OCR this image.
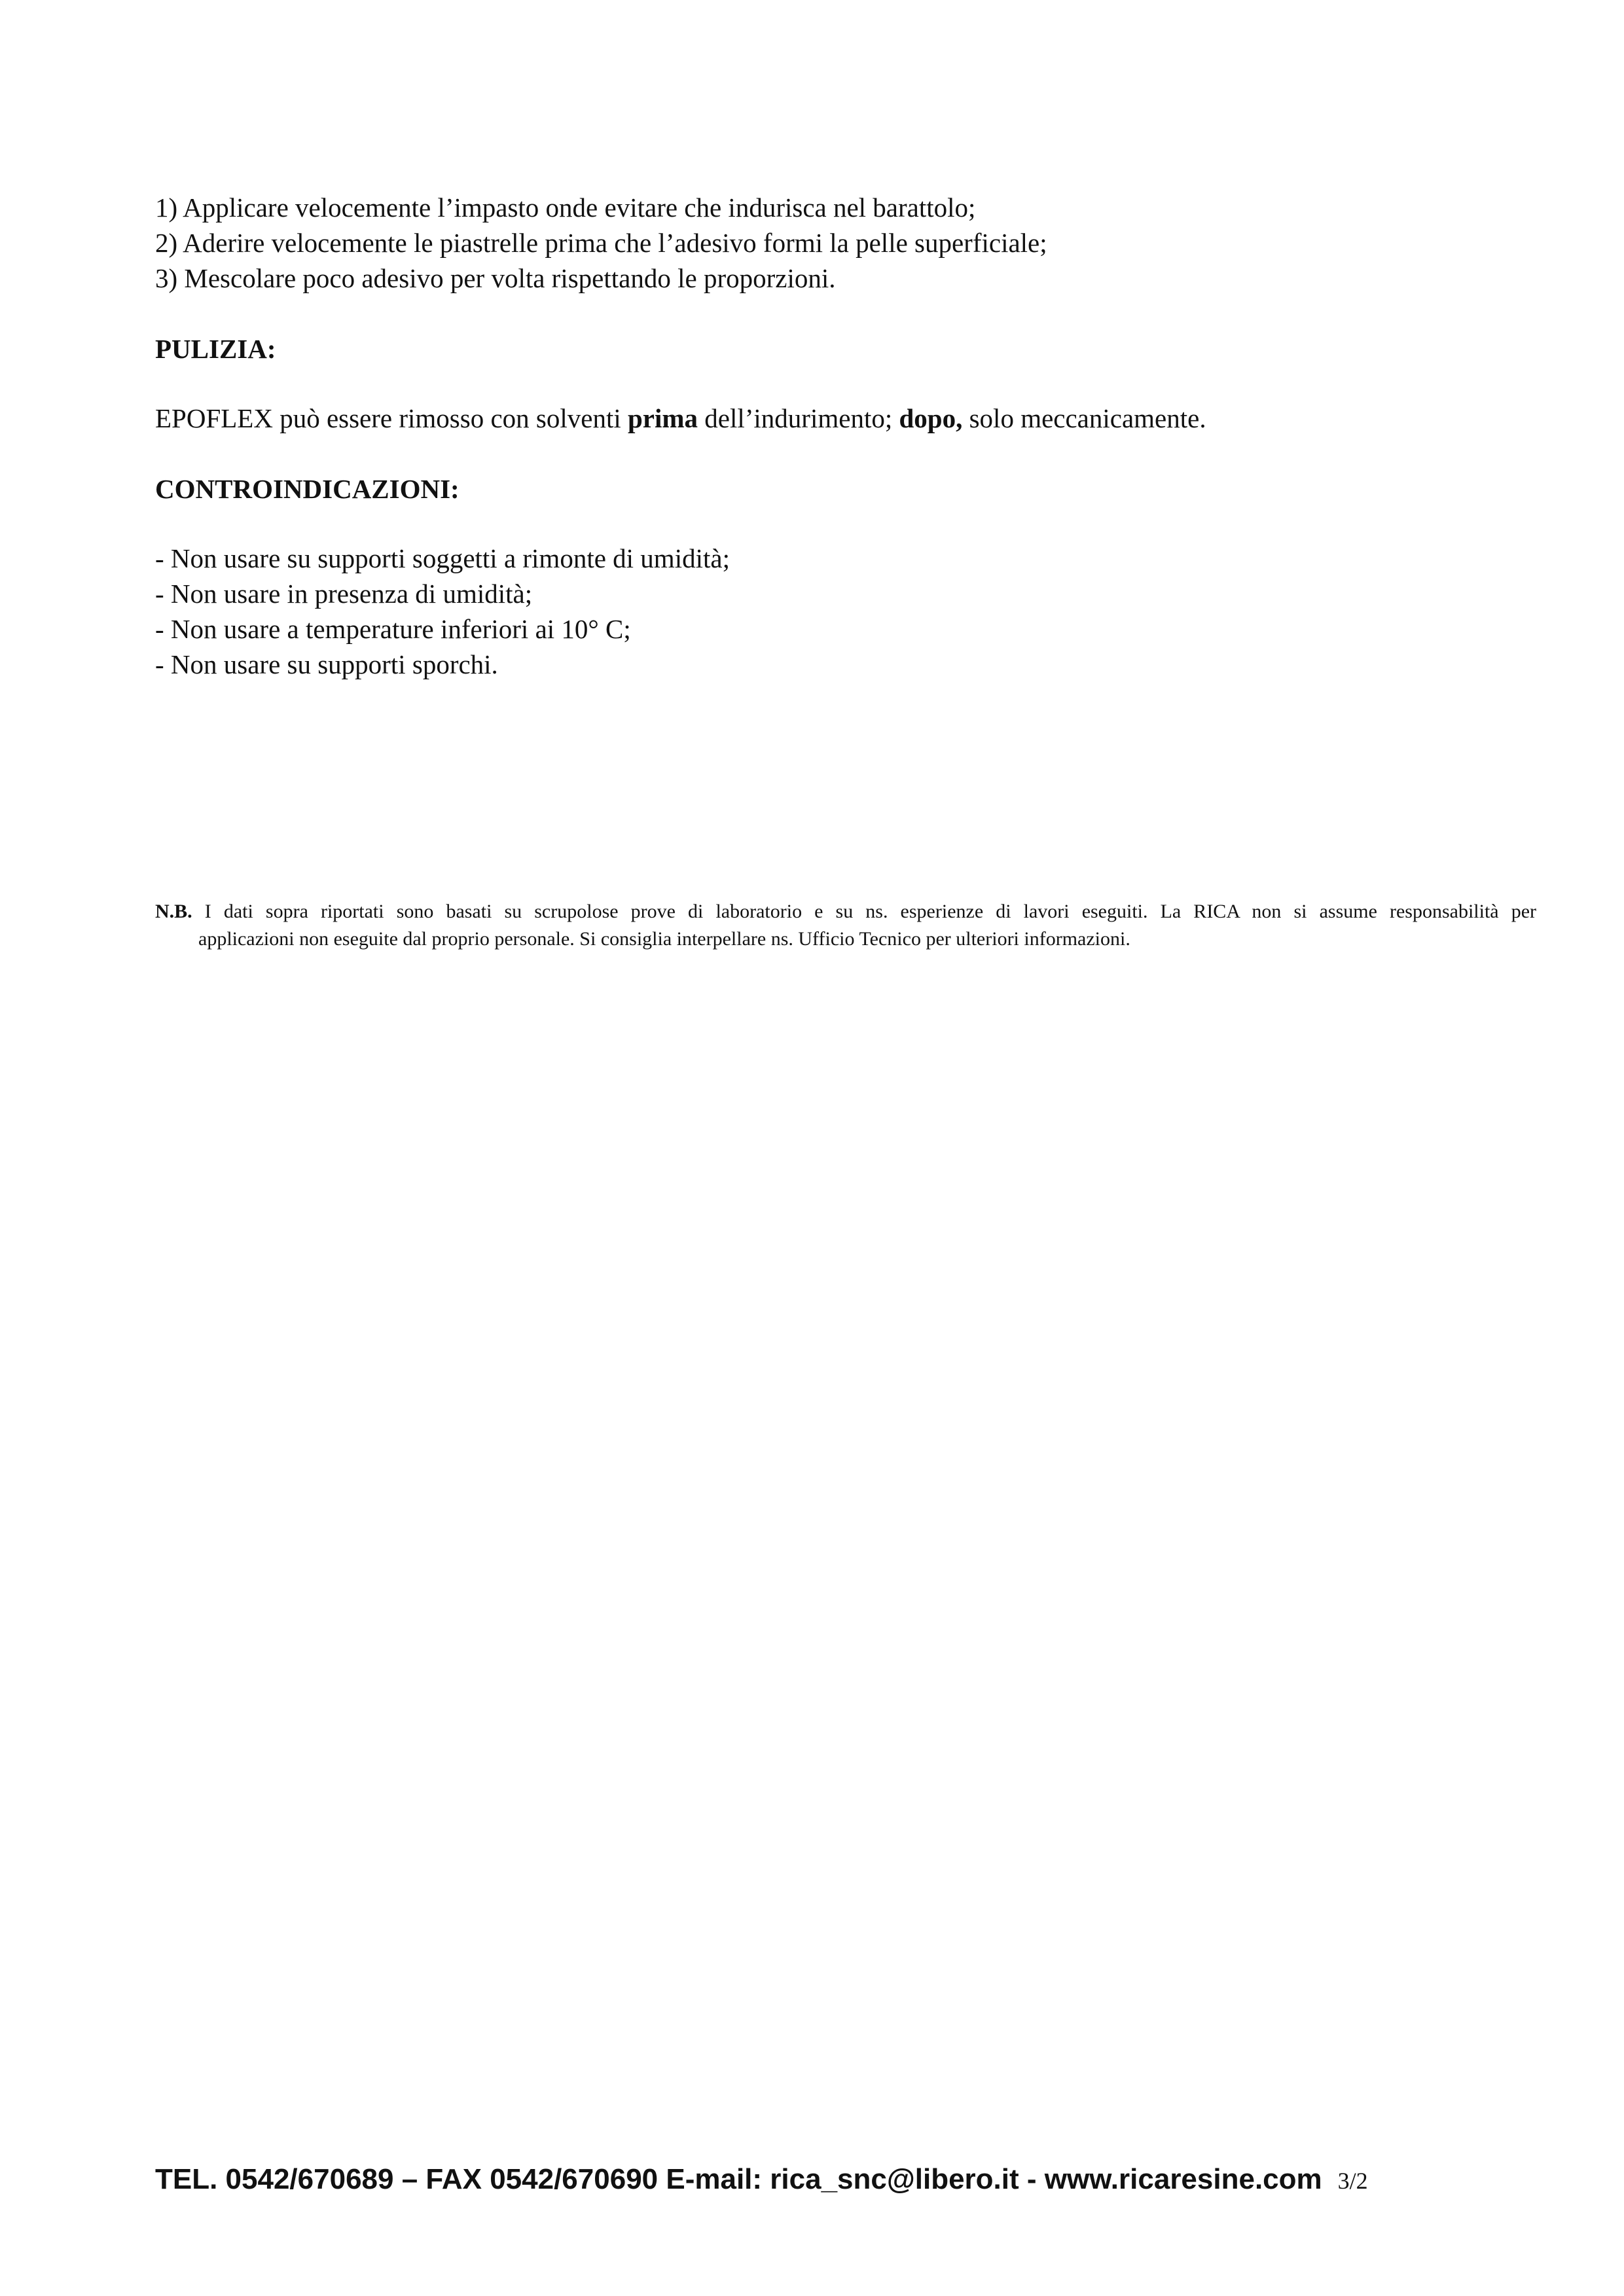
1) Applicare velocemente l’impasto onde evitare che indurisca nel barattolo;

2) Aderire velocemente le piastrelle prima che l’adesivo formi la pelle superficiale;

3) Mescolare poco adesivo per volta rispettando le proporzioni.

PULIZIA:

EPOFLEX può essere rimosso con solventi prima dell’indurimento; dopo, solo meccanicamente.

CONTROINDICAZIONI:

- Non usare su supporti soggetti a rimonte di umidità;

- Non usare in presenza di umidità;

- Non usare a temperature inferiori ai 10° C;

- Non usare su supporti sporchi.

N.B. I dati sopra riportati sono basati su scrupolose prove di laboratorio e su ns. esperienze di lavori eseguiti. La RICA non si assume responsabilità per
applicazioni non eseguite dal proprio personale. Si consiglia interpellare ns. Ufficio Tecnico per ulteriori informazioni.
TEL. 0542/670689 – FAX 0542/670690 E-mail: rica_snc@libero.it - www.ricaresine.com 3/2
